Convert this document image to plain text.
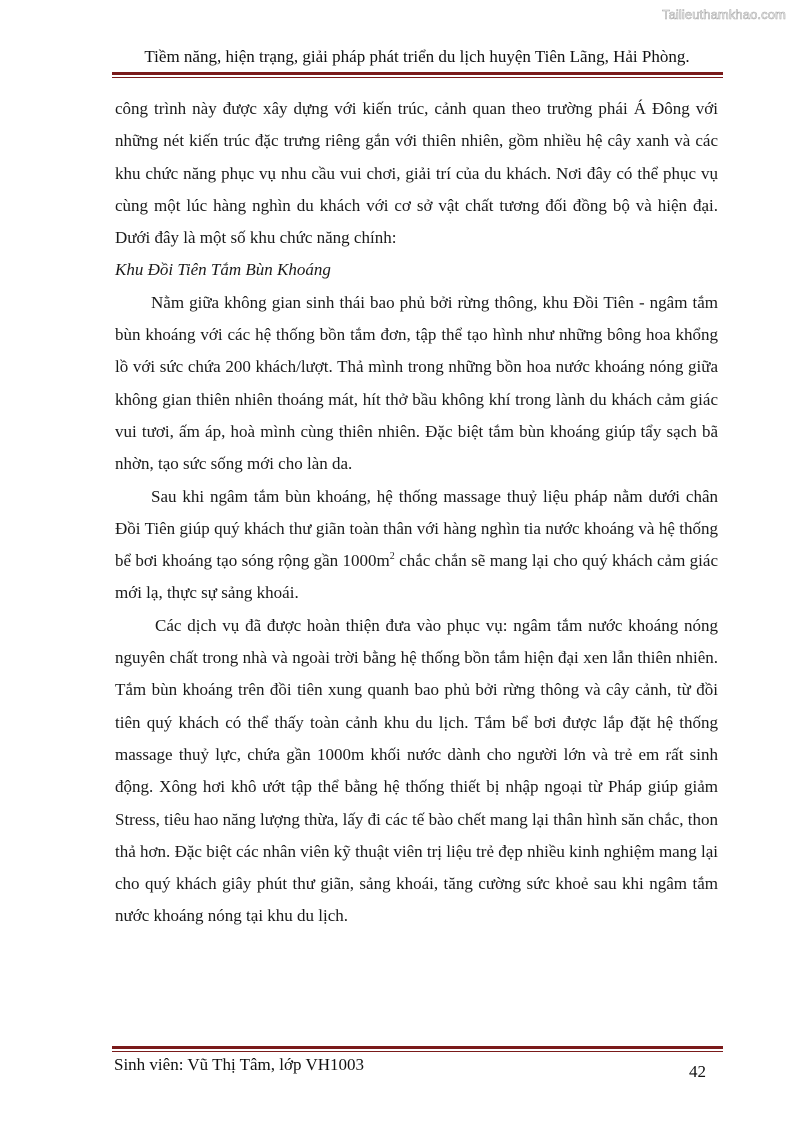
Tailieuthamkhao.com
Tiềm năng, hiện trạng, giải pháp phát triển du lịch huyện Tiên Lãng, Hải Phòng.

công trình này được xây dựng với kiến trúc, cảnh quan theo trường phái Á Đông với những nét kiến trúc đặc trưng riêng gắn với thiên nhiên, gồm nhiều hệ cây xanh và các khu chức năng phục vụ nhu cầu vui chơi, giải trí của du khách. Nơi đây có thể phục vụ cùng một lúc hàng nghìn du khách với cơ sở vật chất tương đối đồng bộ và hiện đại. Dưới đây là một số khu chức năng chính:

Khu Đồi Tiên Tắm Bùn Khoáng

Nằm giữa không gian sinh thái bao phủ bởi rừng thông, khu Đồi Tiên - ngâm tắm bùn khoáng với các hệ thống bồn tắm đơn, tập thể tạo hình như những bông hoa khổng lồ với sức chứa 200 khách/lượt. Thả mình trong những bồn hoa nước khoáng nóng giữa không gian thiên nhiên thoáng mát, hít thở bầu không khí trong lành du khách cảm giác vui tươi, ấm áp, hoà mình cùng thiên nhiên. Đặc biệt tắm bùn khoáng giúp tẩy sạch bã nhờn, tạo sức sống mới cho làn da.

Sau khi ngâm tắm bùn khoáng, hệ thống massage thuỷ liệu pháp nằm dưới chân Đồi Tiên giúp quý khách thư giãn toàn thân với hàng nghìn tia nước khoáng và hệ thống bể bơi khoáng tạo sóng rộng gần $1000m^2$ chắc chắn sẽ mang lại cho quý khách cảm giác mới lạ, thực sự sảng khoái.

Các dịch vụ đã được hoàn thiện đưa vào phục vụ: ngâm tắm nước khoáng nóng nguyên chất trong nhà và ngoài trời bằng hệ thống bồn tắm hiện đại xen lẫn thiên nhiên. Tắm bùn khoáng trên đồi tiên xung quanh bao phủ bởi rừng thông và cây cảnh, từ đồi tiên quý khách có thể thấy toàn cảnh khu du lịch. Tắm bể bơi được lắp đặt hệ thống massage thuỷ lực, chứa gần 1000m khối nước dành cho người lớn và trẻ em rất sinh động. Xông hơi khô ướt tập thể bằng hệ thống thiết bị nhập ngoại từ Pháp giúp giảm Stress, tiêu hao năng lượng thừa, lấy đi các tế bào chết mang lại thân hình săn chắc, thon thả hơn. Đặc biệt các nhân viên kỹ thuật viên trị liệu trẻ đẹp nhiều kinh nghiệm mang lại cho quý khách giây phút thư giãn, sảng khoái, tăng cường sức khoẻ sau khi ngâm tắm nước khoáng nóng tại khu du lịch.

Sinh viên: Vũ Thị Tâm, lớp VH1003	42
